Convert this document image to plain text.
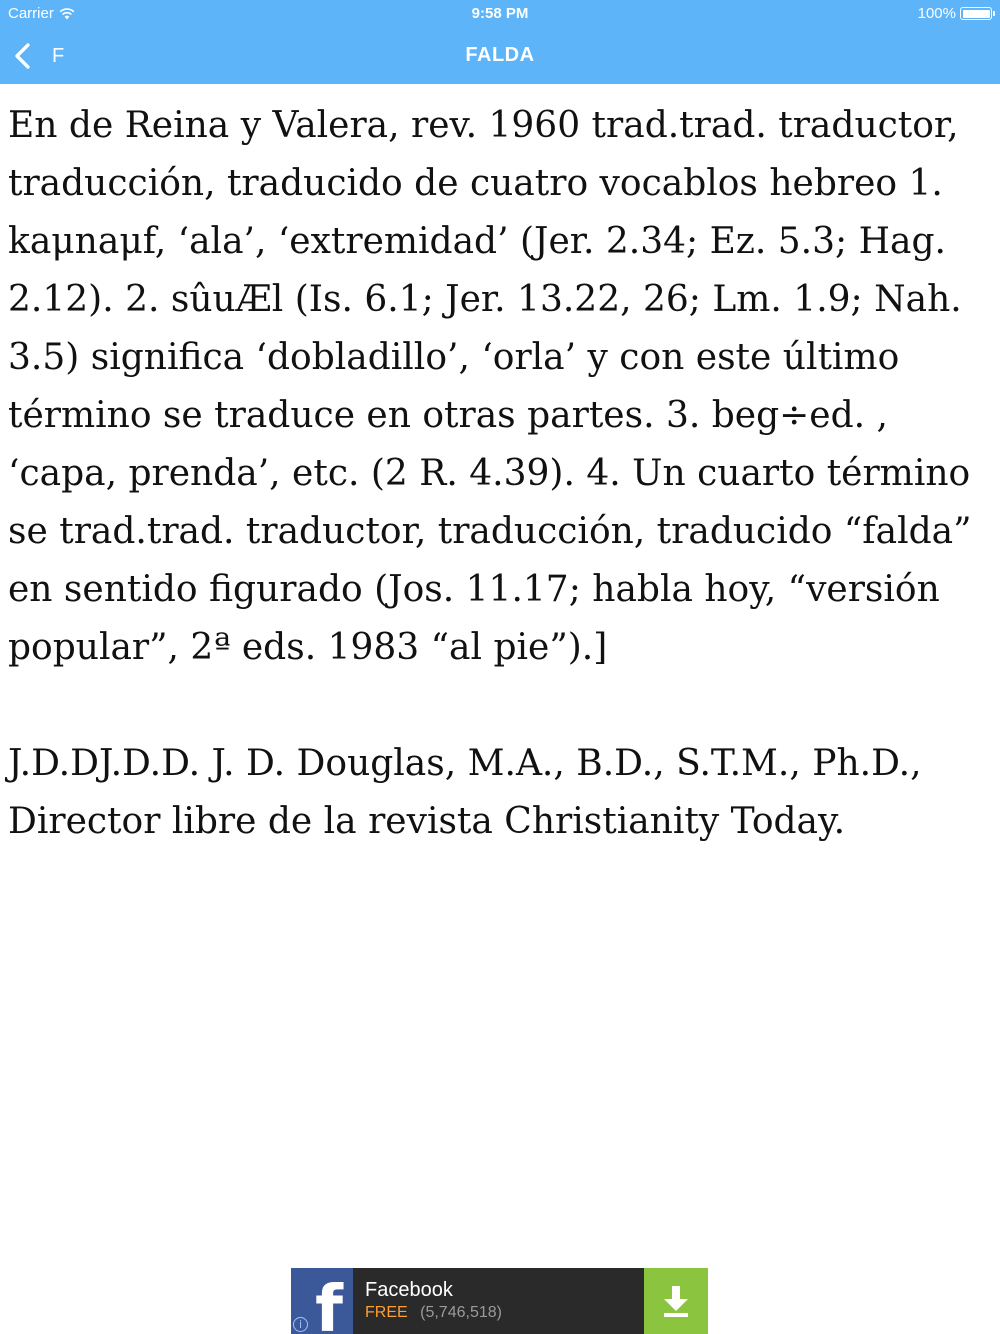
Carrier	9:58 PM	100%
F	FALDA

En de Reina y Valera, rev. 1960 trad.trad. traductor, traducción, traducido de cuatro vocablos hebreo 1. kaμnaμf, ‘ala’, ‘extremidad’ (Jer. 2.34; Ez. 5.3; Hag. 2.12). 2. sûuÆl (Is. 6.1; Jer. 13.22, 26; Lm. 1.9; Nah. 3.5) significa ‘dobladillo’, ‘orla’ y con este último término se traduce en otras partes. 3. beg÷ed. , ‘capa, prenda’, etc. (2 R. 4.39). 4. Un cuarto término se trad.trad. traductor, traducción, traducido “falda” en sentido figurado (Jos. 11.17; habla hoy, “versión popular”, 2ª eds. 1983 “al pie”).]

J.D.DJ.D.D. J. D. Douglas, M.A., B.D., S.T.M., Ph.D., Director libre de la revista Christianity Today.

f
i
Facebook
FREE (5,746,518)
